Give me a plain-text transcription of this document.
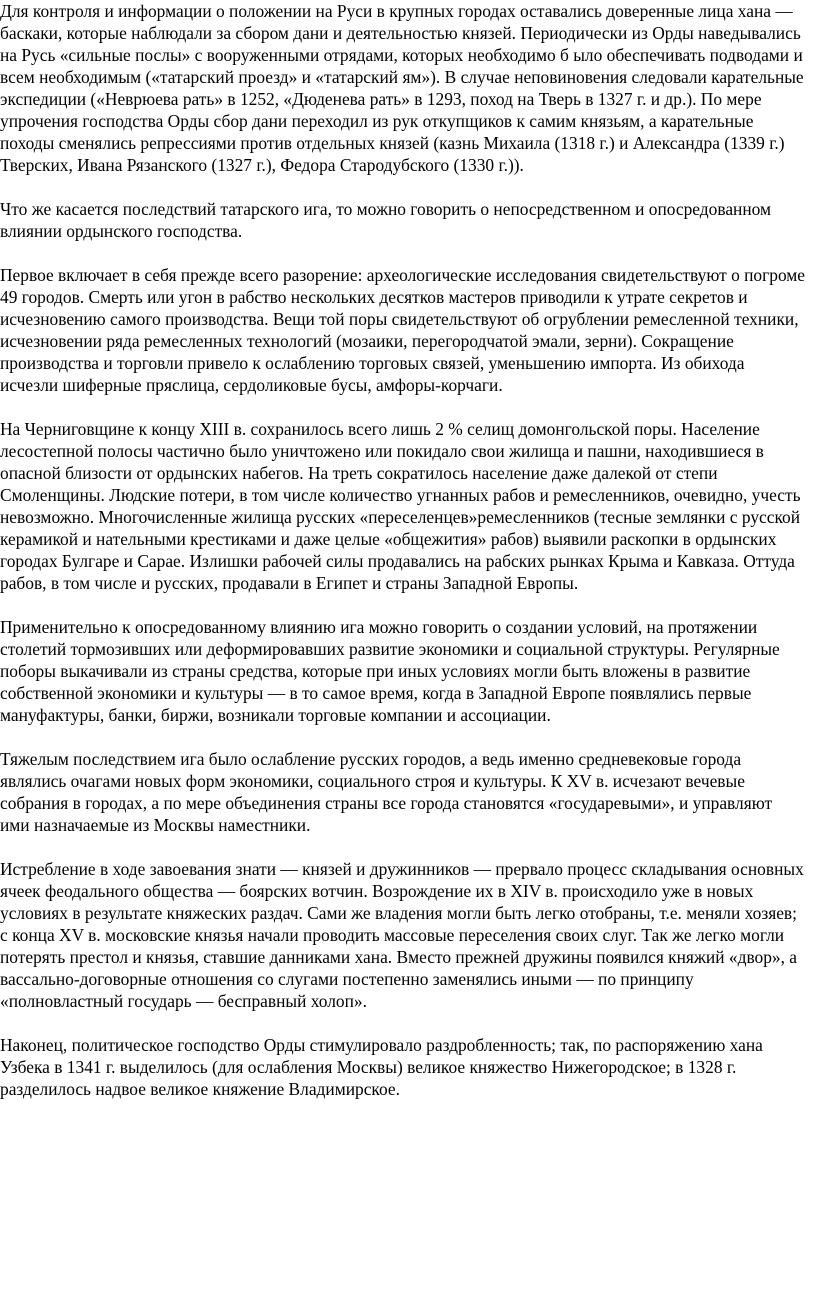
Для контроля и информации о положении на Руси в крупных городах оставались доверенные лица хана — баскаки, которые наблюдали за сбором дани и деятельностью князей. Периодически из Орды наведывались на Русь «сильные послы» с вооруженными отрядами, которых необходимо б ыло обеспечивать подводами и всем необходимым («татарский проезд» и «татарский ям»). В случае неповиновения следовали карательные экспедиции («Неврюева рать» в 1252, «Дюденева рать» в 1293, поход на Тверь в 1327 г. и др.). По мере упрочения господства Орды сбор дани переходил из рук откупщиков к самим князьям, а карательные походы сменялись репрессиями против отдельных князей (казнь Михаила (1318 г.) и Александра (1339 г.) Тверских, Ивана Рязанского (1327 г.), Федора Стародубского (1330 г.)).

Что же касается последствий татарского ига, то можно говорить о непосредственном и опосредованном влиянии ордынского господства.

Первое включает в себя прежде всего разорение: археологические исследования свидетельствуют о погроме 49 городов. Смерть или угон в рабство нескольких десятков мастеров приводили к утрате секретов и исчезновению самого производства. Вещи той поры свидетельствуют об огрублении ремесленной техники, исчезновении ряда ремесленных технологий (мозаики, перегородчатой эмали, зерни). Сокращение производства и торговли привело к ослаблению торговых связей, уменьшению импорта. Из обихода исчезли шиферные пряслица, сердоликовые бусы, амфоры-корчаги.

На Черниговщине к концу XIII в. сохранилось всего лишь 2 % селищ домонгольской поры. Население лесостепной полосы частично было уничтожено или покидало свои жилища и пашни, находившиеся в опасной близости от ордынских набегов. На треть сократилось население даже далекой от степи Смоленщины. Людские потери, в том числе количество угнанных рабов и ремесленников, очевидно, учесть невозможно. Многочисленные жилища русских «переселенцев»ремесленников (тесные землянки с русской керамикой и нательными крестиками и даже целые «общежития» рабов) выявили раскопки в ордынских городах Булгаре и Сарае. Излишки рабочей силы продавались на рабских рынках Крыма и Кавказа. Оттуда рабов, в том числе и русских, продавали в Египет и страны Западной Европы.

Применительно к опосредованному влиянию ига можно говорить о создании условий, на протяжении столетий тормозивших или деформировавших развитие экономики и социальной структуры. Регулярные поборы выкачивали из страны средства, которые при иных условиях могли быть вложены в развитие собственной экономики и культуры — в то самое время, когда в Западной Европе появлялись первые мануфактуры, банки, биржи, возникали торговые компании и ассоциации.

Тяжелым последствием ига было ослабление русских городов, а ведь именно средневековые города являлись очагами новых форм экономики, социального строя и культуры. К XV в. исчезают вечевые собрания в городах, а по мере объединения страны все города становятся «государевыми», и управляют ими назначаемые из Москвы наместники.

Истребление в ходе завоевания знати — князей и дружинников — прервало процесс складывания основных ячеек феодального общества — боярских вотчин. Возрождение их в XIV в. происходило уже в новых условиях в результате княжеских раздач. Сами же владения могли быть легко отобраны, т.е. меняли хозяев; с конца XV в. московские князья начали проводить массовые переселения своих слуг. Так же легко могли потерять престол и князья, ставшие данниками хана. Вместо прежней дружины появился княжий «двор», а вассально-договорные отношения со слугами постепенно заменялись иными — по принципу «полновластный государь — бесправный холоп».

Наконец, политическое господство Орды стимулировало раздробленность; так, по распоряжению хана Узбека в 1341 г. выделилось (для ослабления Москвы) великое княжество Нижегородское; в 1328 г. разделилось надвое великое княжение Владимирское.
